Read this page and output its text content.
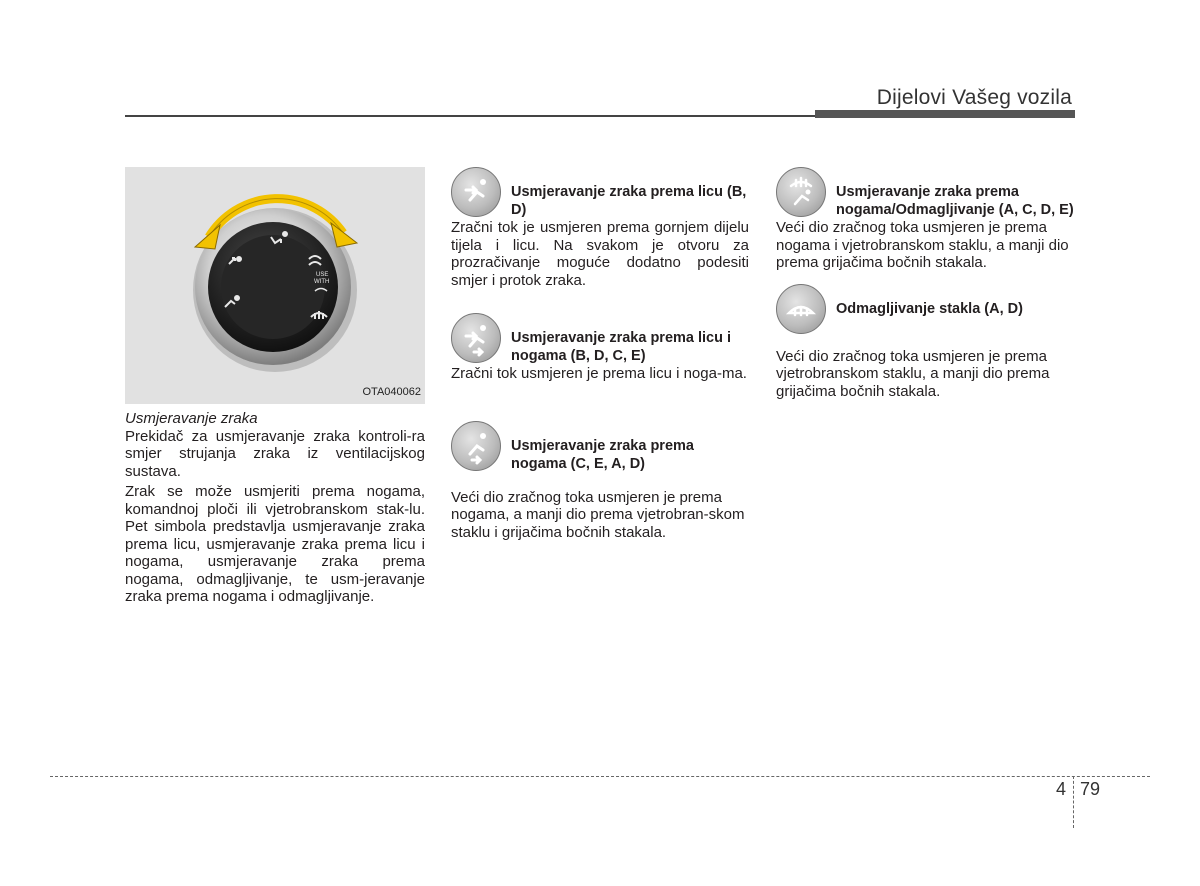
Dijelovi Vašeg vozila
USE
WITH
OTA040062

Usmjeravanje zraka

Prekidač za usmjeravanje zraka kontroli-ra smjer strujanja zraka iz ventilacijskog sustava.

Zrak se može usmjeriti prema nogama, komandnoj ploči ili vjetrobranskom stak-lu. Pet simbola predstavlja usmjeravanje zraka prema licu, usmjeravanje zraka prema licu i nogama, usmjeravanje zraka prema nogama, odmagljivanje, te usm-jeravanje zraka prema nogama i odmagljivanje.

Usmjeravanje zraka prema licu (B, D)

Zračni tok je usmjeren prema gornjem dijelu tijela i licu. Na svakom je otvoru za prozračivanje moguće dodatno podesiti smjer i protok zraka.

Usmjeravanje zraka prema licu i nogama (B, D, C, E)

Zračni tok usmjeren je prema licu i noga-ma.

Usmjeravanje zraka prema nogama (C, E, A, D)

Veći dio zračnog toka usmjeren je prema nogama, a manji dio prema vjetrobran-skom staklu i grijačima bočnih stakala.

Usmjeravanje zraka prema nogama/Odmagljivanje (A, C, D, E)

Veći dio zračnog toka usmjeren je prema nogama i vjetrobranskom staklu, a manji dio prema grijačima bočnih stakala.

Odmagljivanje stakla (A, D)

Veći dio zračnog toka usmjeren je prema vjetrobranskom staklu, a manji dio prema grijačima bočnih stakala.

4 79
